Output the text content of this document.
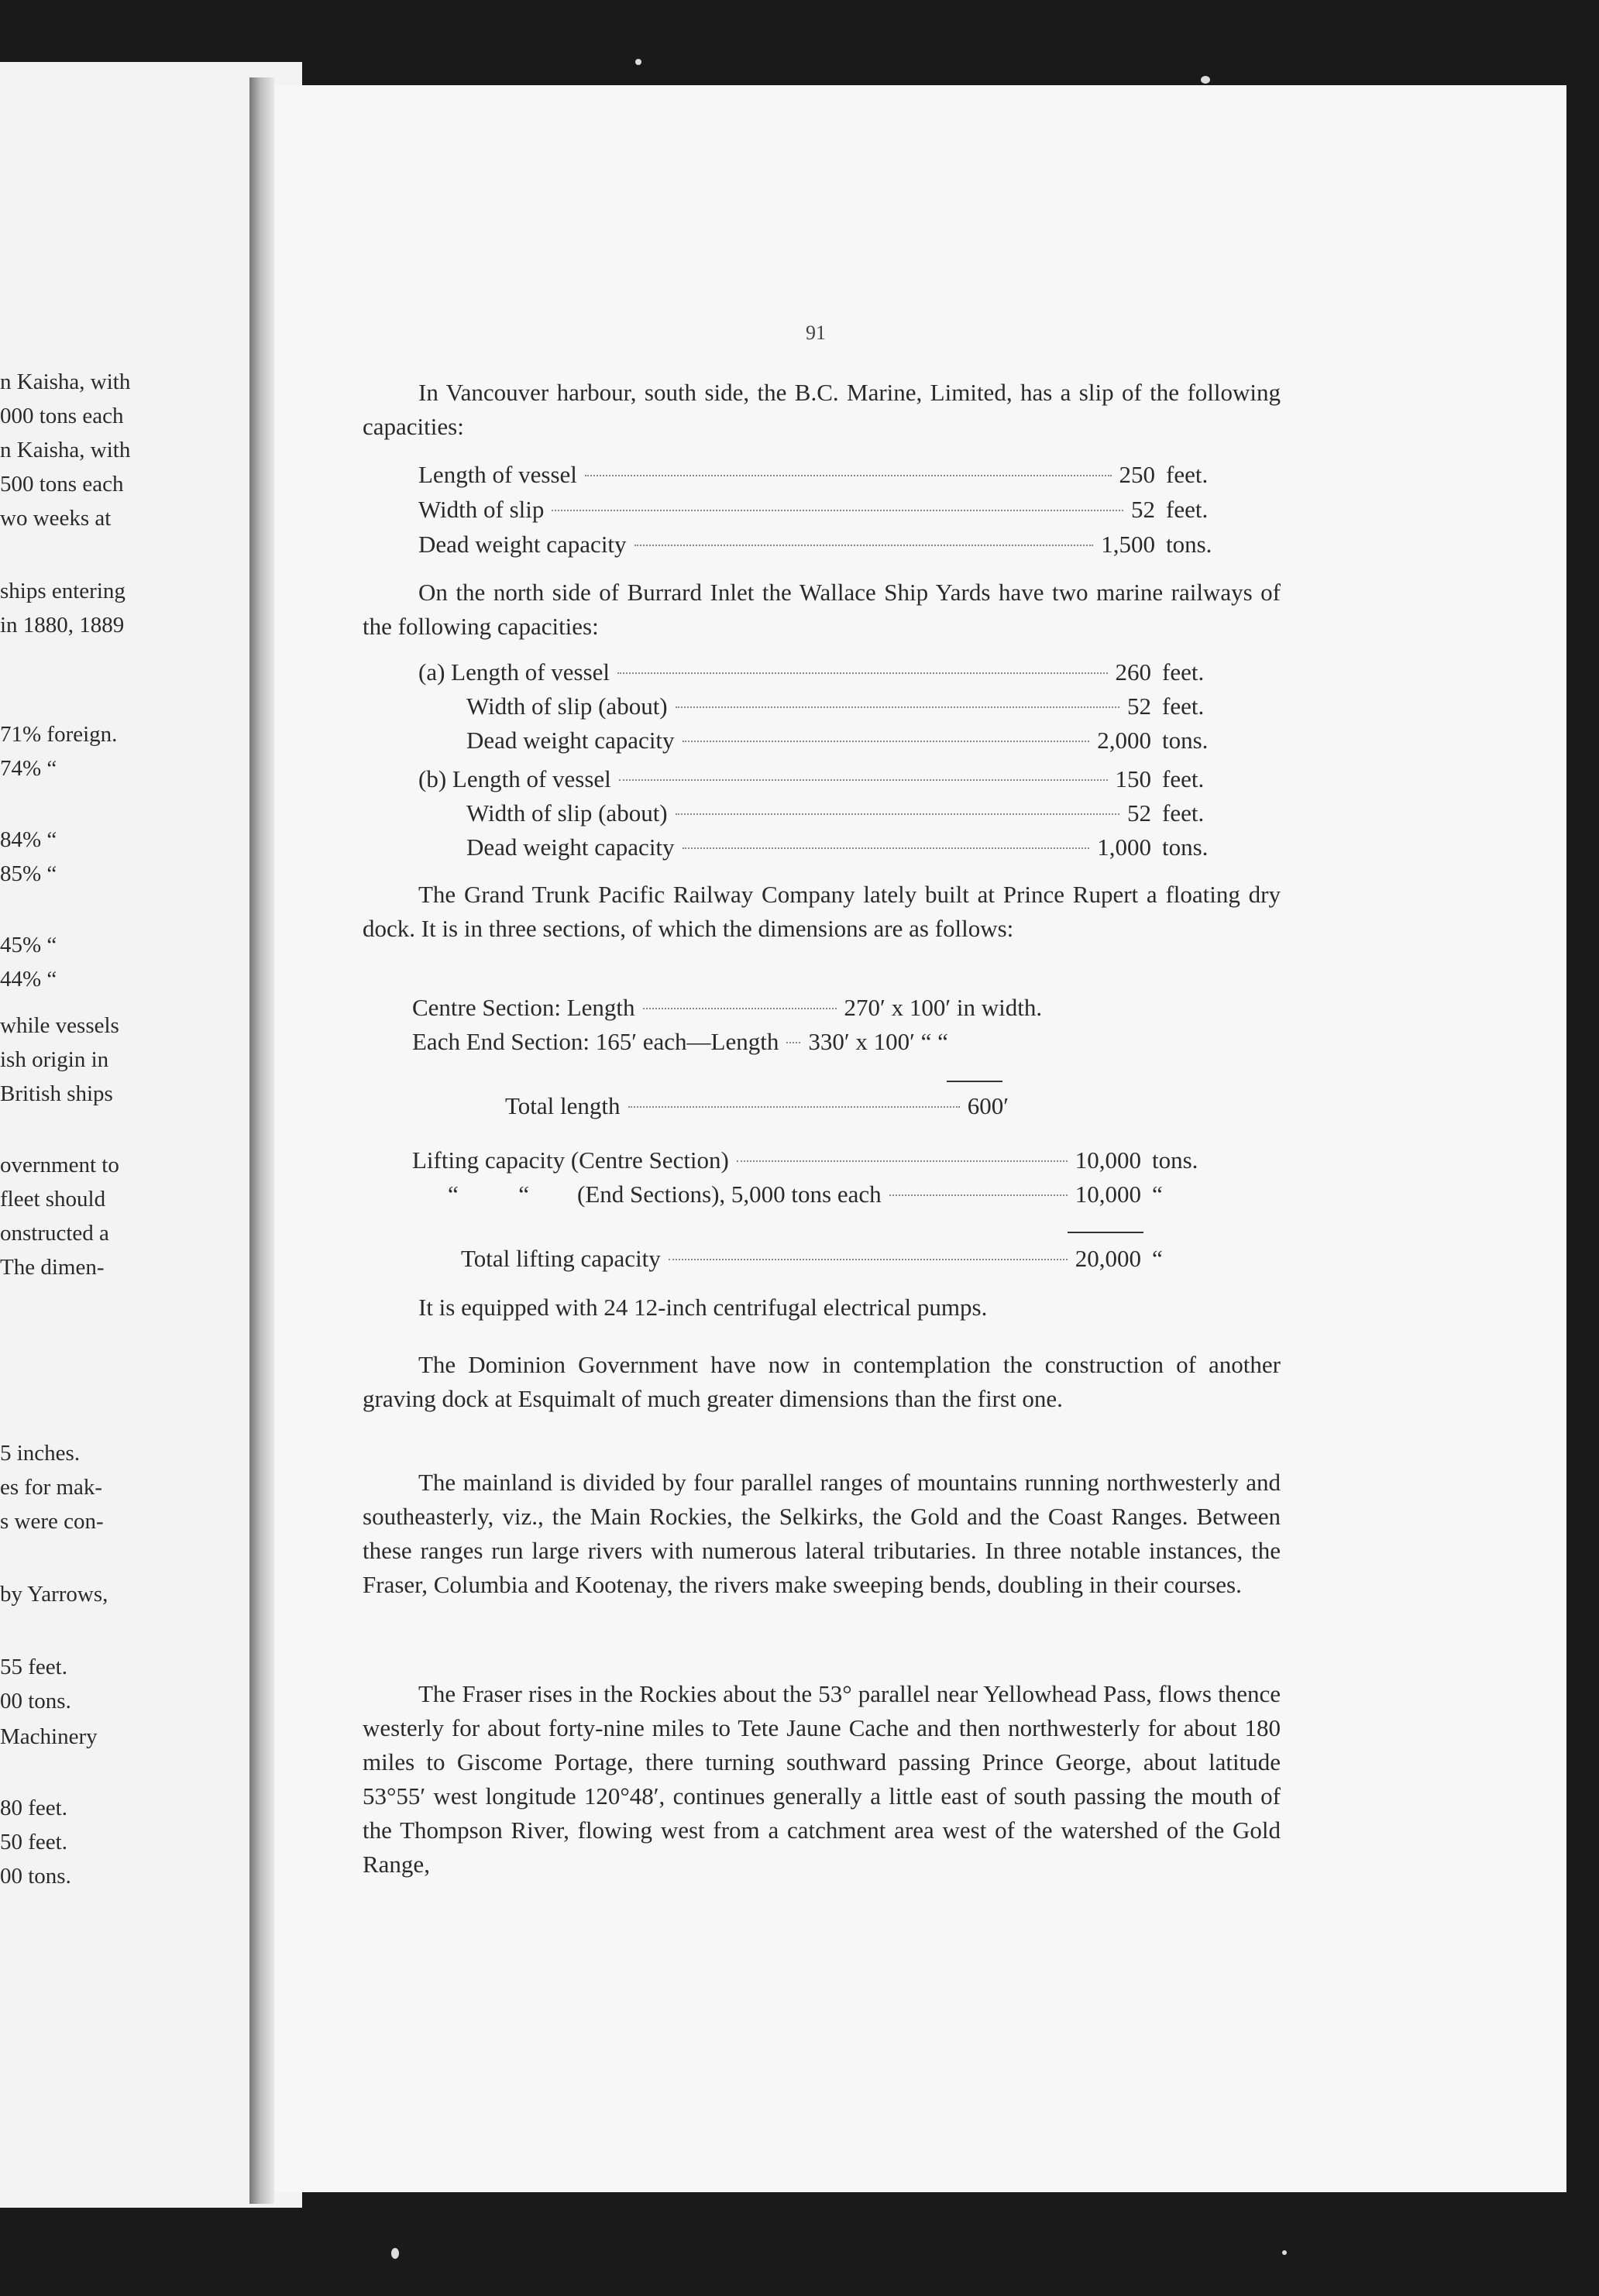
n Kaisha, with
000 tons each
n Kaisha, with
500 tons each
wo weeks at
ships entering
in 1880, 1889
71% foreign.
74% “
84% “
85% “
45% “
44% “
while vessels
ish origin in
British ships
overnment to
fleet should
onstructed a
The dimen-
5 inches.
es for mak-
s were con-
by Yarrows,
55 feet.
00 tons.
Machinery
80 feet.
50 feet.
00 tons.
91
In Vancouver harbour, south side, the B.C. Marine, Limited, has a slip of the following capacities:
Length of vessel	250 feet.
Width of slip	52 feet.
Dead weight capacity	1,500 tons.
On the north side of Burrard Inlet the Wallace Ship Yards have two marine railways of the following capacities:
(a) Length of vessel	260 feet.
Width of slip (about)	52 feet.
Dead weight capacity	2,000 tons.
(b) Length of vessel	150 feet.
Width of slip (about)	52 feet.
Dead weight capacity	1,000 tons.
The Grand Trunk Pacific Railway Company lately built at Prince Rupert a floating dry dock. It is in three sections, of which the dimensions are as follows:
Centre Section: Length	270′ x 100′ in width.
Each End Section: 165′ each—Length 330′ x 100′ “ “
Total length	600′
Lifting capacity (Centre Section)	10,000 tons.
“          “        (End Sections), 5,000 tons each	10,000 “
Total lifting capacity	20,000 “
It is equipped with 24 12-inch centrifugal electrical pumps.
The Dominion Government have now in contemplation the construction of another graving dock at Esquimalt of much greater dimensions than the first one.
The mainland is divided by four parallel ranges of mountains running northwesterly and southeasterly, viz., the Main Rockies, the Selkirks, the Gold and the Coast Ranges. Between these ranges run large rivers with numerous lateral tributaries. In three notable instances, the Fraser, Columbia and Kootenay, the rivers make sweeping bends, doubling in their courses.
The Fraser rises in the Rockies about the 53° parallel near Yellowhead Pass, flows thence westerly for about forty-nine miles to Tete Jaune Cache and then northwesterly for about 180 miles to Giscome Portage, there turning southward passing Prince George, about latitude 53°55′ west longitude 120°48′, continues generally a little east of south passing the mouth of the Thompson River, flowing west from a catchment area west of the watershed of the Gold Range,
